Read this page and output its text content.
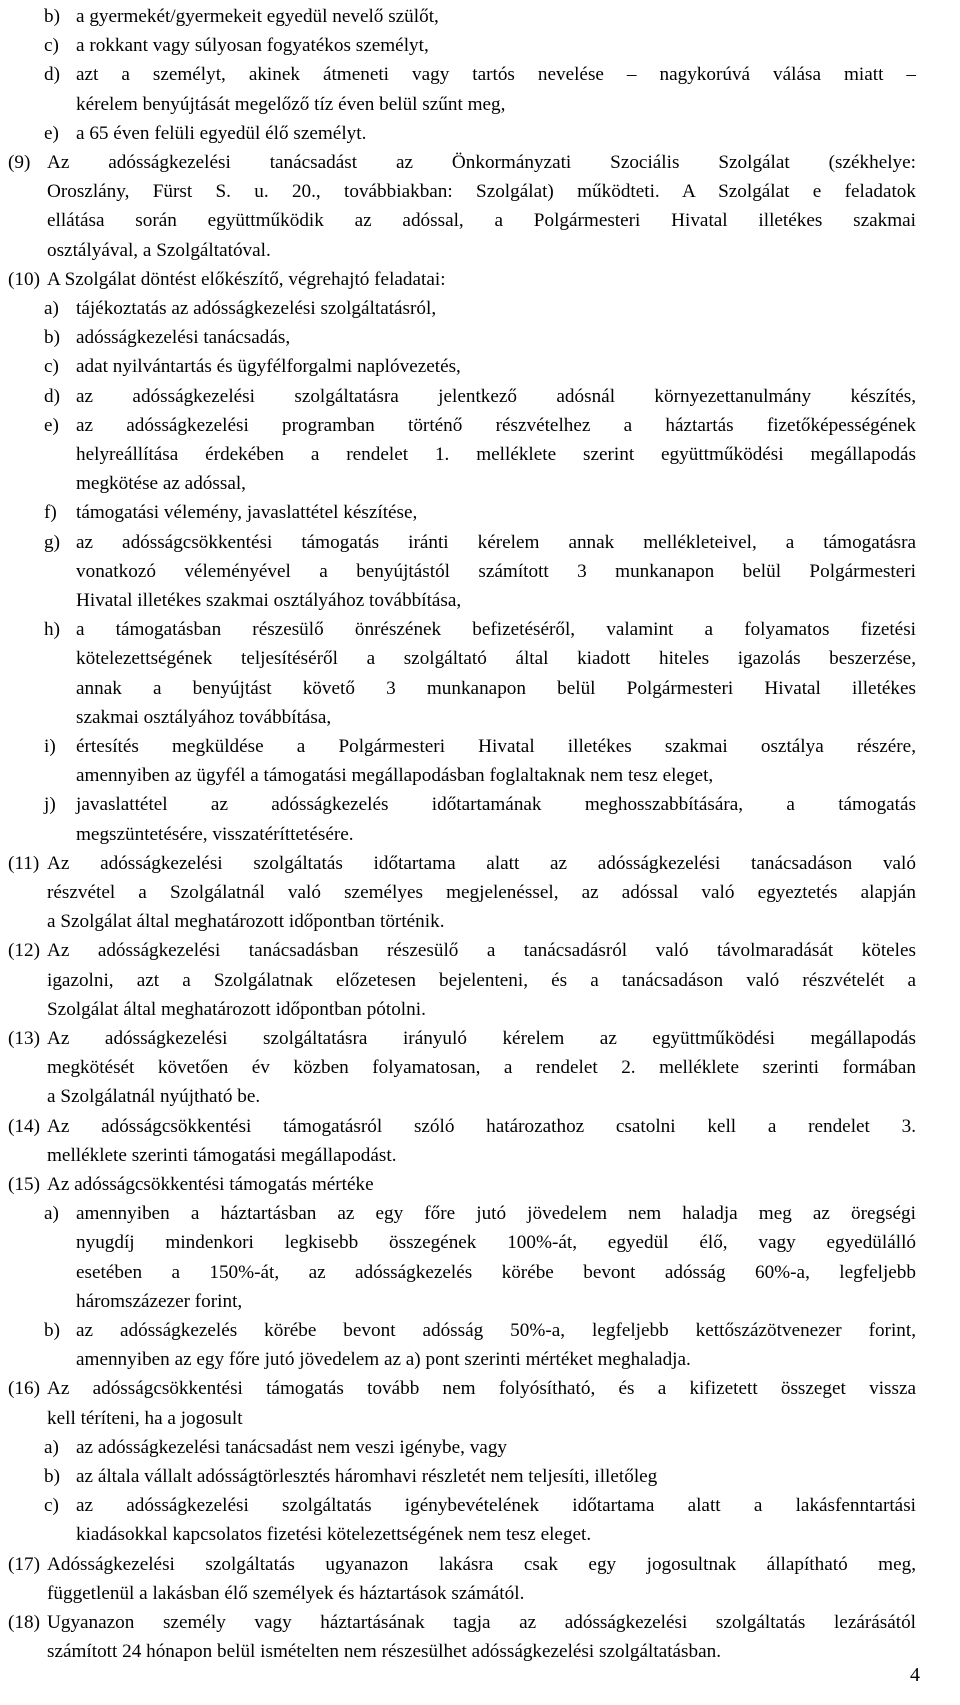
b) a gyermekét/gyermekeit egyedül nevelő szülőt,
c) a rokkant vagy súlyosan fogyatékos személyt,
d) azt a személyt, akinek átmeneti vagy tartós nevelése – nagykorúvá válása miatt –
kérelem benyújtását megelőző tíz éven belül szűnt meg,
e) a 65 éven felüli egyedül élő személyt.
(9) Az adósságkezelési tanácsadást az Önkormányzati Szociális Szolgálat (székhelye:
Oroszlány, Fürst S. u. 20., továbbiakban: Szolgálat) működteti. A Szolgálat e feladatok
ellátása során együttműködik az adóssal, a Polgármesteri Hivatal illetékes szakmai
osztályával, a Szolgáltatóval.
(10) A Szolgálat döntést előkészítő, végrehajtó feladatai:
a) tájékoztatás az adósságkezelési szolgáltatásról,
b) adósságkezelési tanácsadás,
c) adat nyilvántartás és ügyfélforgalmi naplóvezetés,
d) az adósságkezelési szolgáltatásra jelentkező adósnál környezettanulmány készítés,
e) az adósságkezelési programban történő részvételhez a háztartás fizetőképességének
helyreállítása érdekében a rendelet 1. melléklete szerint együttműködési megállapodás
megkötése az adóssal,
f) támogatási vélemény, javaslattétel készítése,
g) az adósságcsökkentési támogatás iránti kérelem annak mellékleteivel, a támogatásra
vonatkozó véleményével a benyújtástól számított 3 munkanapon belül Polgármesteri
Hivatal illetékes szakmai osztályához továbbítása,
h) a támogatásban részesülő önrészének befizetéséről, valamint a folyamatos fizetési
kötelezettségének teljesítéséről a szolgáltató által kiadott hiteles igazolás beszerzése,
annak a benyújtást követő 3 munkanapon belül Polgármesteri Hivatal illetékes
szakmai osztályához továbbítása,
i) értesítés megküldése a Polgármesteri Hivatal illetékes szakmai osztálya részére,
amennyiben az ügyfél a támogatási megállapodásban foglaltaknak nem tesz eleget,
j) javaslattétel az adósságkezelés időtartamának meghosszabbítására, a támogatás
megszüntetésére, visszatéríttetésére.
(11) Az adósságkezelési szolgáltatás időtartama alatt az adósságkezelési tanácsadáson való
részvétel a Szolgálatnál való személyes megjelenéssel, az adóssal való egyeztetés alapján
a Szolgálat által meghatározott időpontban történik.
(12) Az adósságkezelési tanácsadásban részesülő a tanácsadásról való távolmaradását köteles
igazolni, azt a Szolgálatnak előzetesen bejelenteni, és a tanácsadáson való részvételét a
Szolgálat által meghatározott időpontban pótolni.
(13) Az adósságkezelési szolgáltatásra irányuló kérelem az együttműködési megállapodás
megkötését követően év közben folyamatosan, a rendelet 2. melléklete szerinti formában
a Szolgálatnál nyújtható be.
(14) Az adósságcsökkentési támogatásról szóló határozathoz csatolni kell a rendelet 3.
melléklete szerinti támogatási megállapodást.
(15) Az adósságcsökkentési támogatás mértéke
a) amennyiben a háztartásban az egy főre jutó jövedelem nem haladja meg az öregségi
nyugdíj mindenkori legkisebb összegének 100%-át, egyedül élő, vagy egyedülálló
esetében a 150%-át, az adósságkezelés körébe bevont adósság 60%-a, legfeljebb
háromszázezer forint,
b) az adósságkezelés körébe bevont adósság 50%-a, legfeljebb kettőszázötvenezer forint,
amennyiben az egy főre jutó jövedelem az a) pont szerinti mértéket meghaladja.
(16) Az adósságcsökkentési támogatás tovább nem folyósítható, és a kifizetett összeget vissza
kell téríteni, ha a jogosult
a) az adósságkezelési tanácsadást nem veszi igénybe, vagy
b) az általa vállalt adósságtörlesztés háromhavi részletét nem teljesíti, illetőleg
c) az adósságkezelési szolgáltatás igénybevételének időtartama alatt a lakásfenntartási
kiadásokkal kapcsolatos fizetési kötelezettségének nem tesz eleget.
(17) Adósságkezelési szolgáltatás ugyanazon lakásra csak egy jogosultnak állapítható meg,
függetlenül a lakásban élő személyek és háztartások számától.
(18) Ugyanazon személy vagy háztartásának tagja az adósságkezelési szolgáltatás lezárásától
számított 24 hónapon belül ismételten nem részesülhet adósságkezelési szolgáltatásban.
4
